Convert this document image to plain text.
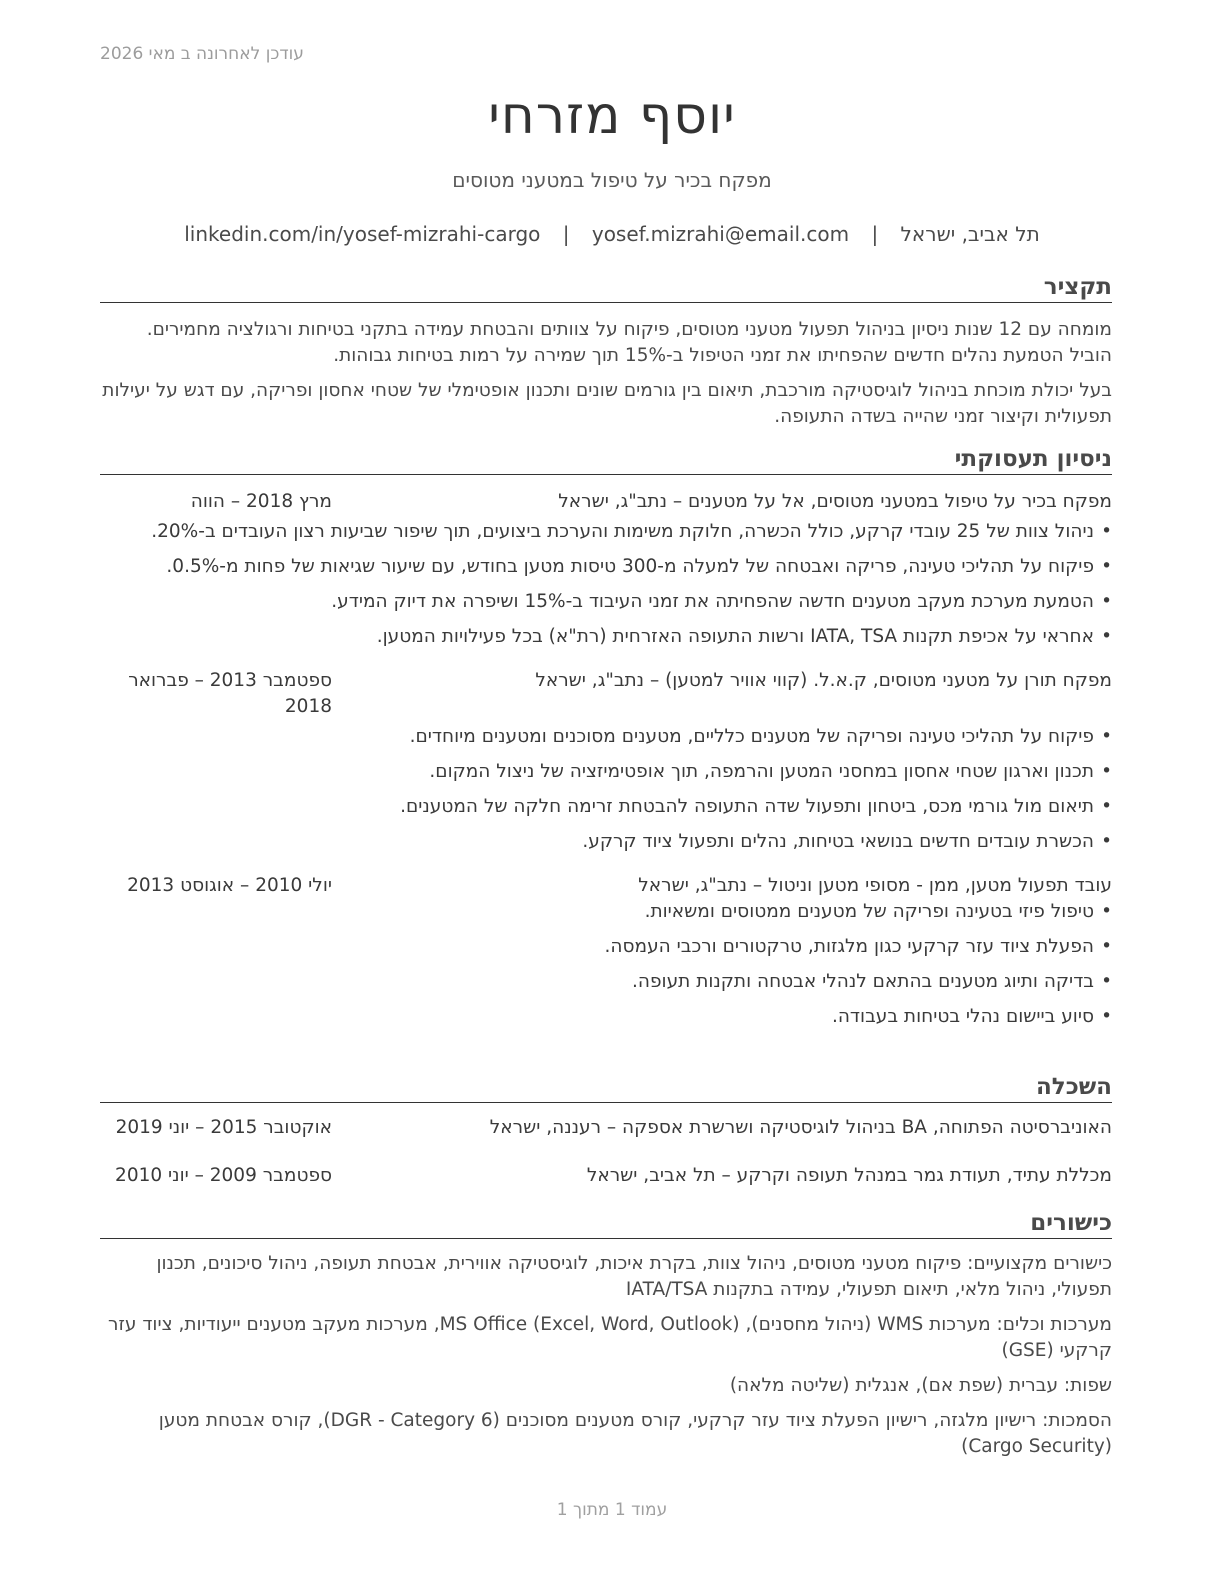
עודכן לאחרונה ב מאי 2026
יוסף מזרחי
מפקח בכיר על טיפול במטעני מטוסים
תל אביב, ישראל | yosef.mizrahi@email.com | linkedin.com/in/yosef-mizrahi-cargo
תקציר

מומחה עם 12 שנות ניסיון בניהול תפעול מטעני מטוסים, פיקוח על צוותים והבטחת עמידה בתקני בטיחות ורגולציה מחמירים. הוביל הטמעת נהלים חדשים שהפחיתו את זמני הטיפול ב-15% תוך שמירה על רמות בטיחות גבוהות.

בעל יכולת מוכחת בניהול לוגיסטיקה מורכבת, תיאום בין גורמים שונים ותכנון אופטימלי של שטחי אחסון ופריקה, עם דגש על יעילות תפעולית וקיצור זמני שהייה בשדה התעופה.

ניסיון תעסוקתי
מפקח בכיר על טיפול במטעני מטוסים, אל על מטענים – נתב"ג, ישראל
מרץ 2018 – הווה
• ניהול צוות של 25 עובדי קרקע, כולל הכשרה, חלוקת משימות והערכת ביצועים, תוך שיפור שביעות רצון העובדים ב-20%.
• פיקוח על תהליכי טעינה, פריקה ואבטחה של למעלה מ-300 טיסות מטען בחודש, עם שיעור שגיאות של פחות מ-0.5%.
• הטמעת מערכת מעקב מטענים חדשה שהפחיתה את זמני העיבוד ב-15% ושיפרה את דיוק המידע.
• אחראי על אכיפת תקנות IATA, TSA ורשות התעופה האזרחית (רת"א) בכל פעילויות המטען.
מפקח תורן על מטעני מטוסים, ק.א.ל. (קווי אוויר למטען) – נתב"ג, ישראל
ספטמבר 2013 – פברואר 2018
• פיקוח על תהליכי טעינה ופריקה של מטענים כלליים, מטענים מסוכנים ומטענים מיוחדים.
• תכנון וארגון שטחי אחסון במחסני המטען והרמפה, תוך אופטימיזציה של ניצול המקום.
• תיאום מול גורמי מכס, ביטחון ותפעול שדה התעופה להבטחת זרימה חלקה של המטענים.
• הכשרת עובדים חדשים בנושאי בטיחות, נהלים ותפעול ציוד קרקע.
עובד תפעול מטען, ממן - מסופי מטען וניטול – נתב"ג, ישראל
יולי 2010 – אוגוסט 2013
• טיפול פיזי בטעינה ופריקה של מטענים ממטוסים ומשאיות.
• הפעלת ציוד עזר קרקעי כגון מלגזות, טרקטורים ורכבי העמסה.
• בדיקה ותיוג מטענים בהתאם לנהלי אבטחה ותקנות תעופה.
• סיוע ביישום נהלי בטיחות בעבודה.
השכלה
האוניברסיטה הפתוחה, BA בניהול לוגיסטיקה ושרשרת אספקה – רעננה, ישראל
אוקטובר 2015 – יוני 2019
מכללת עתיד, תעודת גמר במנהל תעופה וקרקע – תל אביב, ישראל
ספטמבר 2009 – יוני 2010
כישורים

כישורים מקצועיים: פיקוח מטעני מטוסים, ניהול צוות, בקרת איכות, לוגיסטיקה אווירית, אבטחת תעופה, ניהול סיכונים, תכנון תפעולי, ניהול מלאי, תיאום תפעולי, עמידה בתקנות IATA/TSA

מערכות וכלים: מערכות WMS (ניהול מחסנים), MS Office (Excel, Word, Outlook), מערכות מעקב מטענים ייעודיות, ציוד עזר קרקעי (GSE)

שפות: עברית (שפת אם), אנגלית (שליטה מלאה)

הסמכות: רישיון מלגזה, רישיון הפעלת ציוד עזר קרקעי, קורס מטענים מסוכנים (DGR - Category 6), קורס אבטחת מטען (Cargo Security)

עמוד 1 מתוך 1
